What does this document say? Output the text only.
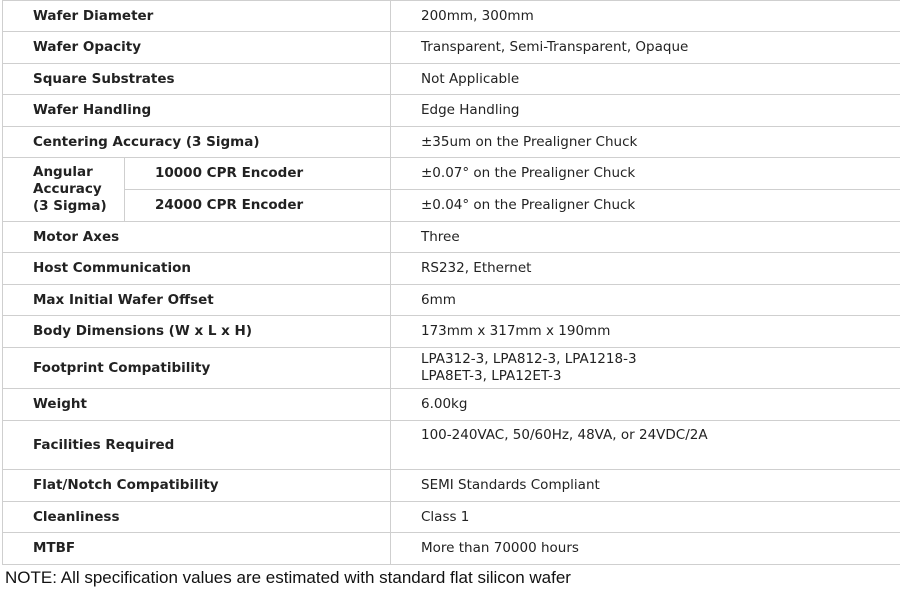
Wafer Diameter		200mm, 300mm
Wafer Opacity		Transparent, Semi-Transparent, Opaque
Square Substrates		Not Applicable
Wafer Handling		Edge Handling
Centering Accuracy (3 Sigma)		±35um on the Prealigner Chuck

Angular
Accuracy
(3 Sigma)	10000 CPR Encoder	±0.07° on the Prealigner Chuck
	24000 CPR Encoder	±0.04° on the Prealigner Chuck
Motor Axes		Three
Host Communication		RS232, Ethernet
Max Initial Wafer Offset		6mm
Body Dimensions (W x L x H)		173mm x 317mm x 190mm
Footprint Compatibility		LPA312-3, LPA812-3, LPA1218-3
LPA8ET-3, LPA12ET-3

Weight		6.00kg
Facilities Required		100-240VAC, 50/60Hz, 48VA, or 24VDC/2A
Flat/Notch Compatibility		SEMI Standards Compliant
Cleanliness		Class 1
MTBF		More than 70000 hours
NOTE: All specification values are estimated with standard flat silicon wafer
